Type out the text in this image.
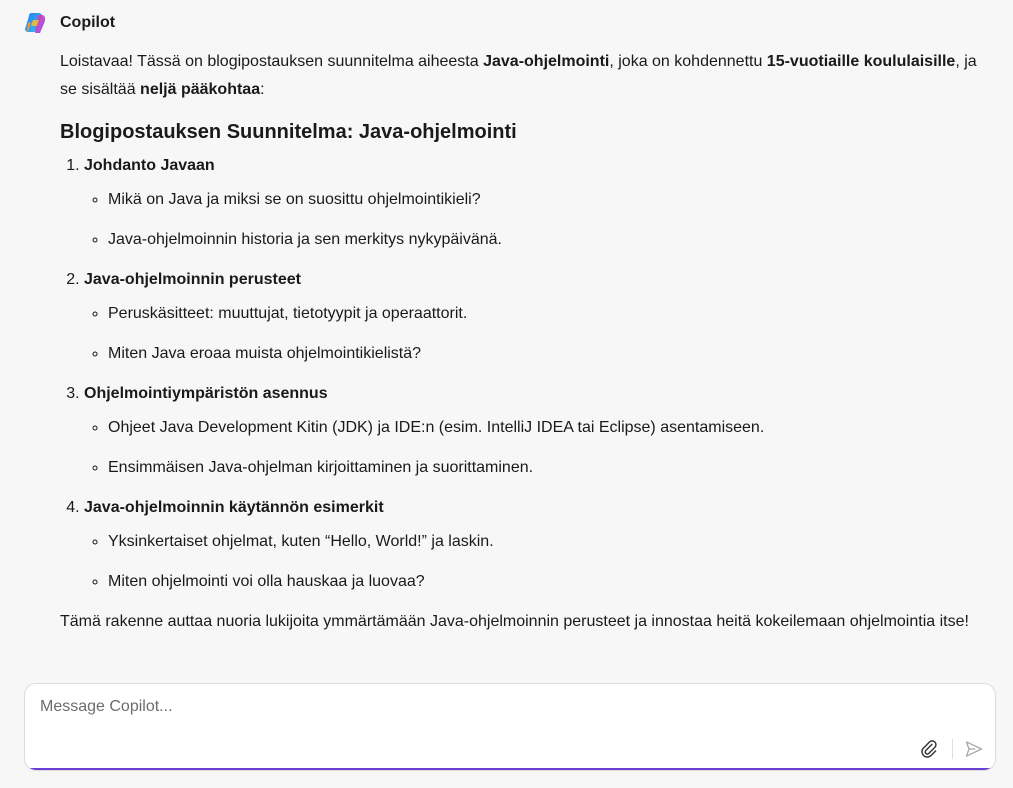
Copilot

Loistavaa! Tässä on blogipostauksen suunnitelma aiheesta Java-ohjelmointi, joka on kohdennettu 15-vuotiaille koululaisille, ja se sisältää neljä pääkohtaa:

Blogipostauksen Suunnitelma: Java-ohjelmointi
1. Johdanto Javaan
◦ Mikä on Java ja miksi se on suosittu ohjelmointikieli?
◦ Java-ohjelmoinnin historia ja sen merkitys nykypäivänä.
2. Java-ohjelmoinnin perusteet
◦ Peruskäsitteet: muuttujat, tietotyypit ja operaattorit.
◦ Miten Java eroaa muista ohjelmointikielistä?
3. Ohjelmointiympäristön asennus
◦ Ohjeet Java Development Kitin (JDK) ja IDE:n (esim. IntelliJ IDEA tai Eclipse) asentamiseen.
◦ Ensimmäisen Java-ohjelman kirjoittaminen ja suorittaminen.
4. Java-ohjelmoinnin käytännön esimerkit
◦ Yksinkertaiset ohjelmat, kuten “Hello, World!” ja laskin.
◦ Miten ohjelmointi voi olla hauskaa ja luovaa?

Tämä rakenne auttaa nuoria lukijoita ymmärtämään Java-ohjelmoinnin perusteet ja innostaa heitä kokeilemaan ohjelmointia itse!

Message Copilot...
